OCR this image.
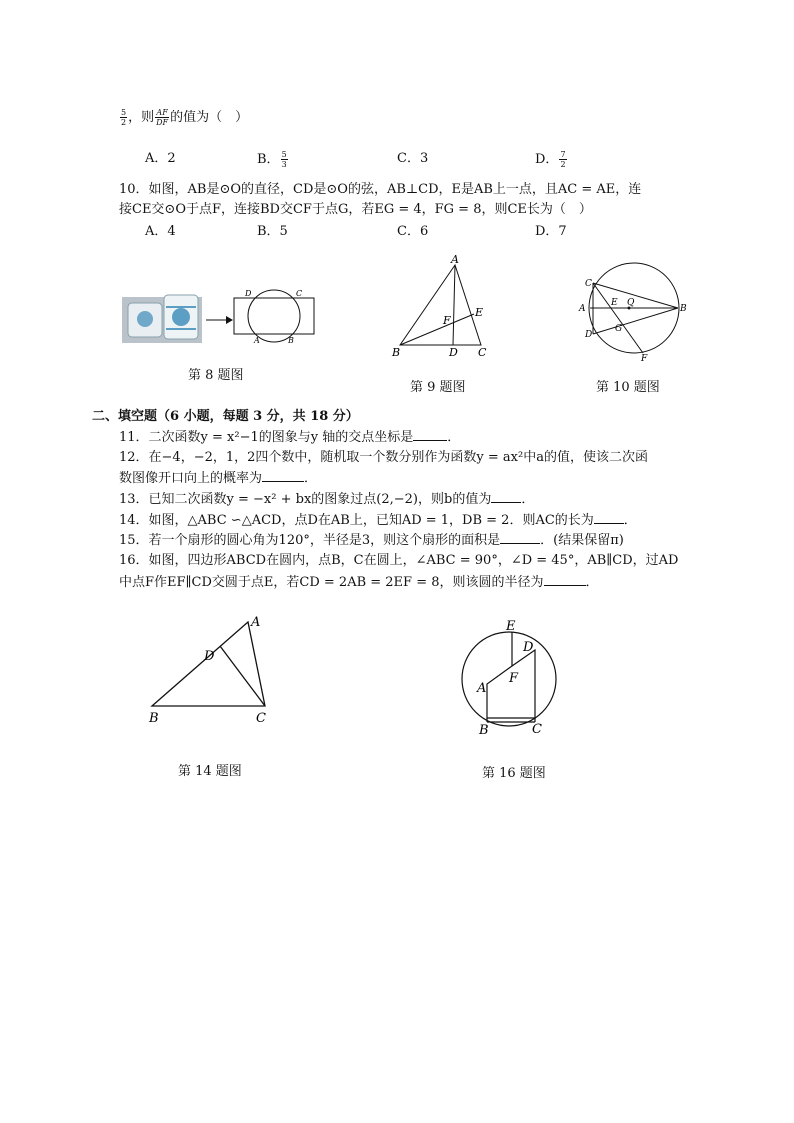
$\frac{5}{2}$ ，则 $\frac{AF}{DF}$ 的值为（　）
A．2	B． $\frac{5}{3}$	C．3	D． $\frac{7}{2}$
10．如图，AB是⊙O的直径，CD是⊙O的弦，AB⊥CD，E是AB上一点，且AC = AE，连
接CE交⊙O于点F，连接BD交CF于点G，若EG = 4，FG = 8，则CE长为（　）
A．4	B．5	C．6	D．7
D	C
A	B
第 8 题图
A
E
F
B	D C
第 9 题图
C
E Q
A	B
D
G
F
第 10 题图
二、填空题（6 小题，每题 3 分，共 18 分）
11．二次函数y = x²−1的图象与y 轴的交点坐标是	．
12．在−4，−2，1，2四个数中，随机取一个数分别作为函数y = ax²中a的值，使该二次函
数图像开口向上的概率为	．
13．已知二次函数y = −x² + bx的图象过点(2,−2)，则b的值为 ．
14．如图，△ABC ∽△ACD，点D在AB上，已知AD = 1，DB = 2．则AC的长为 ．
15．若一个扇形的圆心角为120°，半径是3，则这个扇形的面积是	．(结果保留π)
16．如图，四边形ABCD在圆内，点B，C在圆上，∠ABC = 90°，∠D = 45°，AB∥CD，过AD
中点F作EF∥CD交圆于点E，若CD = 2AB = 2EF = 8，则该圆的半径为	．
A
D
B	C
第 14 题图
E
D
F
A
B	C
第 16 题图
